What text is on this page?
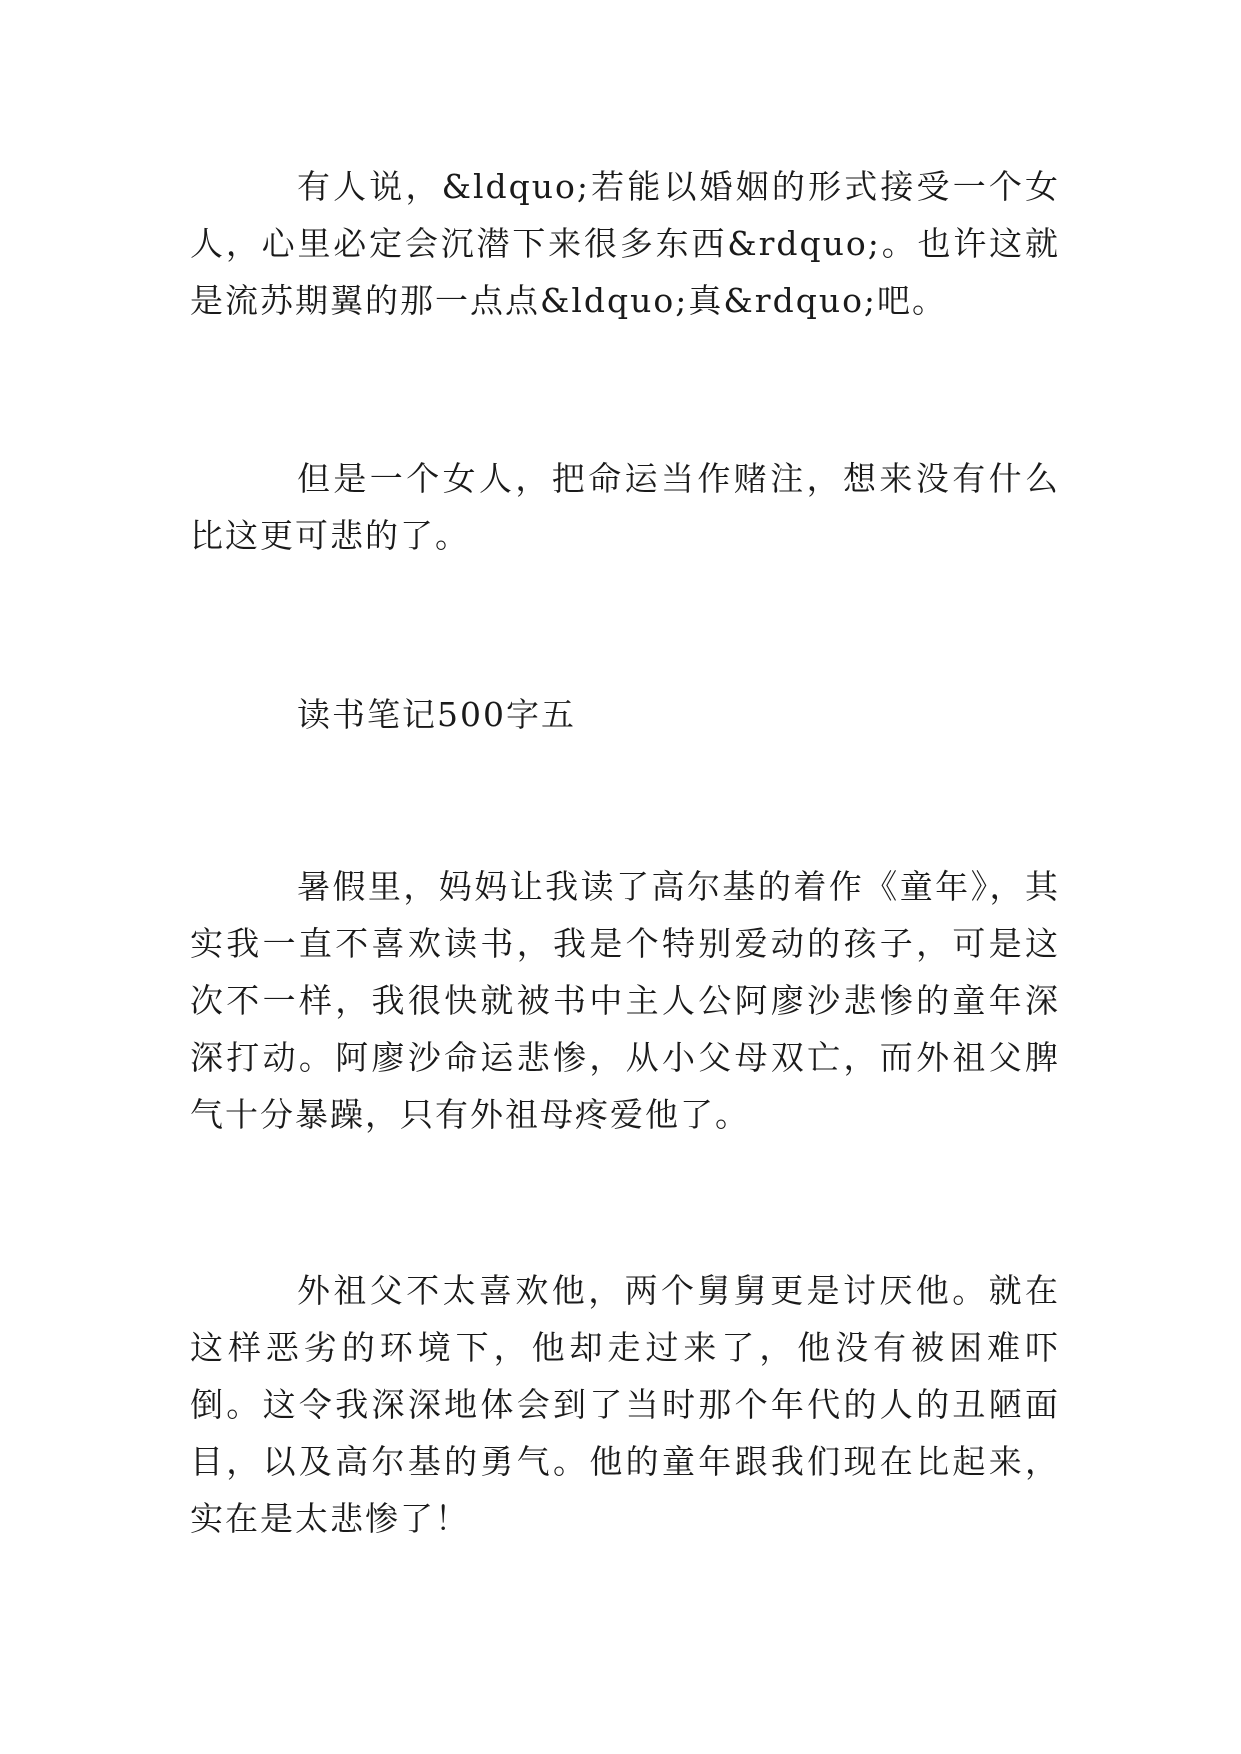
有人说，&ldquo;若能以婚姻的形式接受一个女人，心里必定会沉潜下来很多东西&rdquo;。也许这就是流苏期翼的那一点点&ldquo;真&rdquo;吧。

但是一个女人，把命运当作赌注，想来没有什么比这更可悲的了。

读书笔记500字五

暑假里，妈妈让我读了高尔基的着作《童年》，其实我一直不喜欢读书，我是个特别爱动的孩子，可是这次不一样，我很快就被书中主人公阿廖沙悲惨的童年深深打动。阿廖沙命运悲惨，从小父母双亡，而外祖父脾气十分暴躁，只有外祖母疼爱他了。

外祖父不太喜欢他，两个舅舅更是讨厌他。就在这样恶劣的环境下，他却走过来了，他没有被困难吓倒。这令我深深地体会到了当时那个年代的人的丑陋面目，以及高尔基的勇气。他的童年跟我们现在比起来，实在是太悲惨了！
